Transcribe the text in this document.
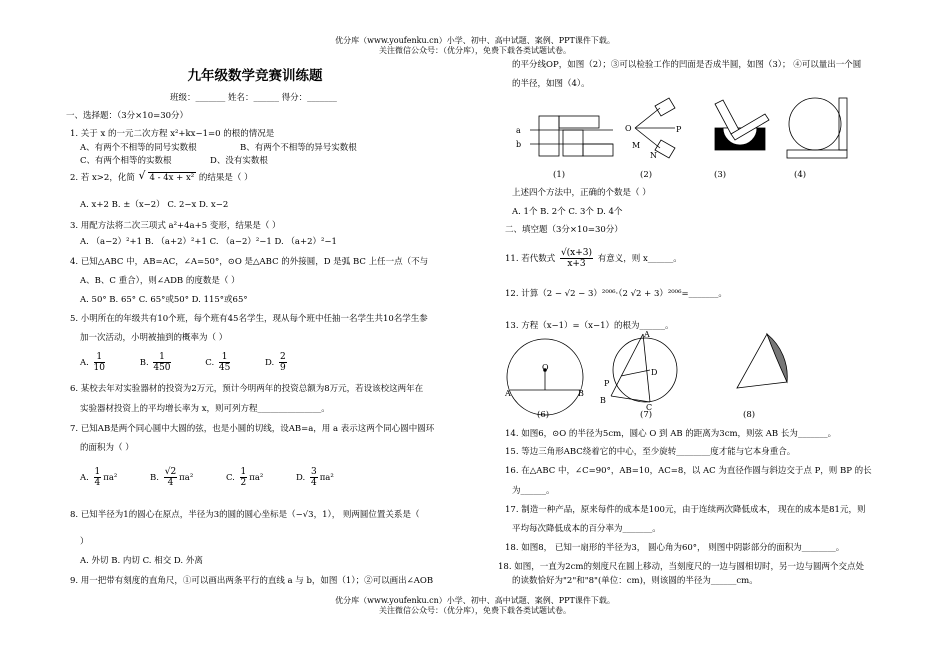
优分库（www.youfenku.cn）小学、初中、高中试题、案例、PPT课件下载。
关注微信公众号：（优分库），免费下载各类试题试卷。
优分库（www.youfenku.cn）小学、初中、高中试题、案例、PPT课件下载。
关注微信公众号：（优分库），免费下载各类试题试卷。
九年级数学竞赛训练题
班级：_______ 姓名：______ 得分：_______
一、选择题：（3分×10=30分）
1. 关于 x 的一元二次方程 x²+kx−1=0 的根的情况是
A、有两个不相等的同号实数根	B、有两个不相等的异号实数根
C、有两个相等的实数根	D、没有实数根
2. 若 x>2，化简 √ 4 - 4x + x² 的结果是（ ）
A. x+2 B. ±（x−2） C. 2−x D. x−2
3. 用配方法将二次三项式 a²+4a+5 变形，结果是（ ）
A. （a−2）²+1 B. （a+2）²+1 C. （a−2）²−1 D. （a+2）²−1
4. 已知△ABC 中，AB=AC，∠A=50°，⊙O 是△ABC 的外接圆，D 是弧 BC 上任一点（不与
A、B、C 重合），则∠ADB 的度数是（ ）
A. 50° B. 65° C. 65°或50° D. 115°或65°
5. 小明所在的年级共有10个班，每个班有45名学生，现从每个班中任抽一名学生共10名学生参
加一次活动，小明被抽到的概率为（ ）
A. $\frac{1}{10}$	B. $\frac{1}{450}$	C. $\frac{1}{45}$	D. $\frac{2}{9}$
6. 某校去年对实验器材的投资为2万元，预计今明两年的投资总额为8万元，若设该校这两年在
实验器材投资上的平均增长率为 x，则可列方程_______________。
7. 已知AB是两个同心圆中大圆的弦，也是小圆的切线，设AB=a，用 a 表示这两个同心圆中圆环
的面积为（ ）
A. $\frac{1}{4} \pi a^2$	B. $\frac{√2}{4} \pi a^2$	C. $\frac{1}{2} \pi a^2$	D. $\frac{3}{4} \pi a^2$
8. 已知半径为1的圆心在原点，半径为3的圆的圆心坐标是（−√3，1）， 则两圆位置关系是（
）
A. 外切 B. 内切 C. 相交 D. 外离
9. 用一把带有刻度的直角尺，①可以画出两条平行的直线 a 与 b，如图（1）；②可以画出∠AOB
的平分线OP，如图（2）；③可以检验工作的凹面是否成半圆，如图（3）； ④可以量出一个圆
的半径，如图（4）。
a
b
O	P
M
N
(1)	(2)	(3)	(4)
上述四个方法中，正确的个数是（ ）
A. 1个 B. 2个 C. 3个 D. 4个
二、填空题（3分×10=30分）
11. 若代数式 $\frac{√(x+3)}{x+3}$ 有意义，则 x______。
12. 计算（2 − √2 − 3）²⁰⁰⁶·（2 √2 + 3）²⁰⁰⁶=_______。
13. 方程（x−1）=（x−1）的根为______。
O
A	B
A
P
D
B
C
(6)	(7)	(8)
14. 如图6，⊙O 的半径为5cm，圆心 O 到 AB 的距离为3cm，则弦 AB 长为_______。
15. 等边三角形ABC绕着它的中心，至少旋转________度才能与它本身重合。
16. 在△ABC 中，∠C=90°，AB=10，AC=8，以 AC 为直径作圆与斜边交于点 P，则 BP 的长
为______。
17. 制造一种产品，原来每件的成本是100元，由于连续两次降低成本， 现在的成本是81元，则
平均每次降低成本的百分率为_______。
18. 如图8， 已知一扇形的半径为3， 圆心角为60°， 则图中阴影部分的面积为________。
18. 如图，一直为2cm的刻度尺在圆上移动，当刻度尺的一边与圆相切时，另一边与圆两个交点处
的读数恰好为"2"和"8"(单位：cm)，则该圆的半径为______cm。
